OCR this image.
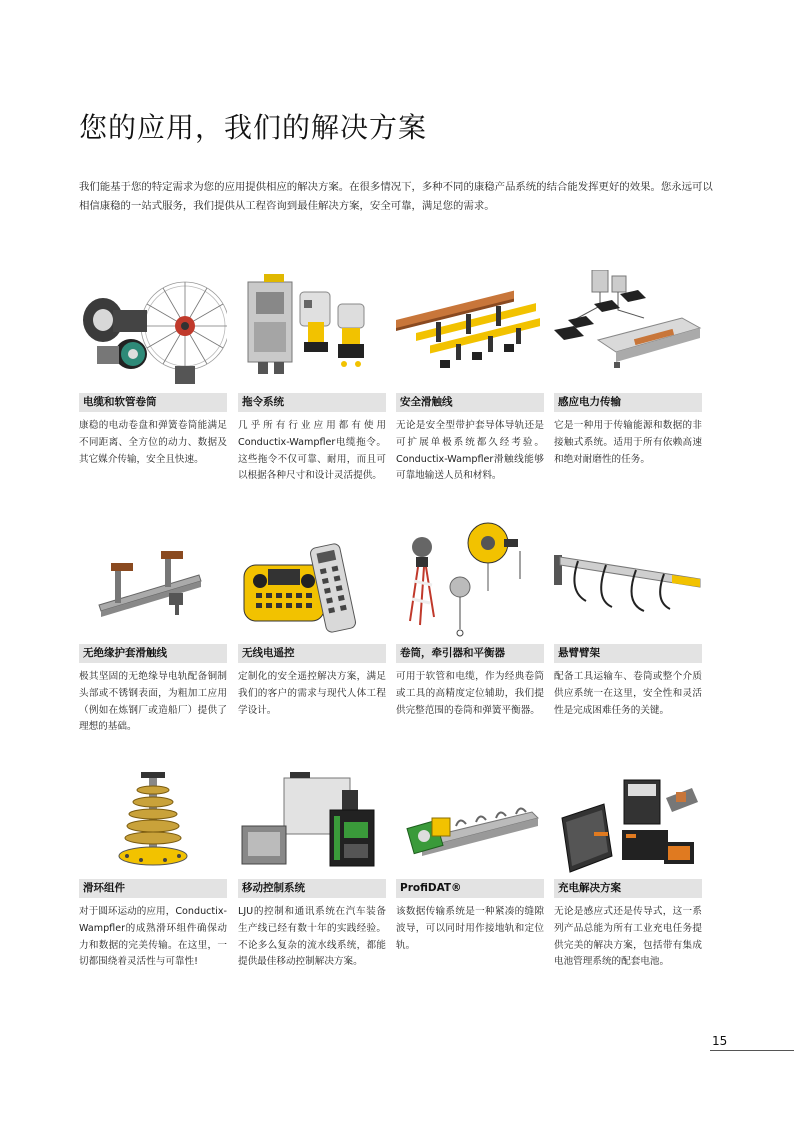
您的应用，我们的解决方案

我们能基于您的特定需求为您的应用提供相应的解决方案。在很多情况下，多种不同的康稳产品系统的结合能发挥更好的效果。您永远可以相信康稳的一站式服务，我们提供从工程咨询到最佳解决方案，安全可靠，满足您的需求。

电缆和软管卷筒

康稳的电动卷盘和弹簧卷筒能满足不同距离、全方位的动力、数据及其它媒介传输，安全且快速。

拖令系统

几乎所有行业应用都有使用Conductix-Wampfler电缆拖令。这些拖令不仅可靠、耐用，而且可以根据各种尺寸和设计灵活提供。

安全滑触线

无论是安全型带护套导体导轨还是可扩展单极系统都久经考验。Conductix-Wampfler滑触线能够可靠地输送人员和材料。

感应电力传输

它是一种用于传输能源和数据的非接触式系统。适用于所有依赖高速和绝对耐磨性的任务。

无绝缘护套滑触线

极其坚固的无绝缘导电轨配备铜制头部或不锈钢表面，为粗加工应用（例如在炼钢厂或造船厂）提供了理想的基础。

无线电遥控

定制化的安全遥控解决方案，满足我们的客户的需求与现代人体工程学设计。

卷筒，牵引器和平衡器

可用于软管和电缆，作为经典卷筒或工具的高精度定位辅助，我们提供完整范围的卷筒和弹簧平衡器。

悬臂臂架

配备工具运输车、卷筒或整个介质供应系统一在这里，安全性和灵活性是完成困难任务的关键。

滑环组件

对于圆环运动的应用，Conductix-Wampfler的成熟滑环组件确保动力和数据的完美传输。在这里，一切都围绕着灵活性与可靠性!

移动控制系统

LJU的控制和通讯系统在汽车装备生产线已经有数十年的实践经验。不论多么复杂的流水线系统，都能提供最佳移动控制解决方案。

ProfiDAT®

该数据传输系统是一种紧凑的缝隙波导，可以同时用作接地轨和定位轨。

充电解决方案

无论是感应式还是传导式，这一系列产品总能为所有工业充电任务提供完美的解决方案，包括带有集成电池管理系统的配套电池。

15
